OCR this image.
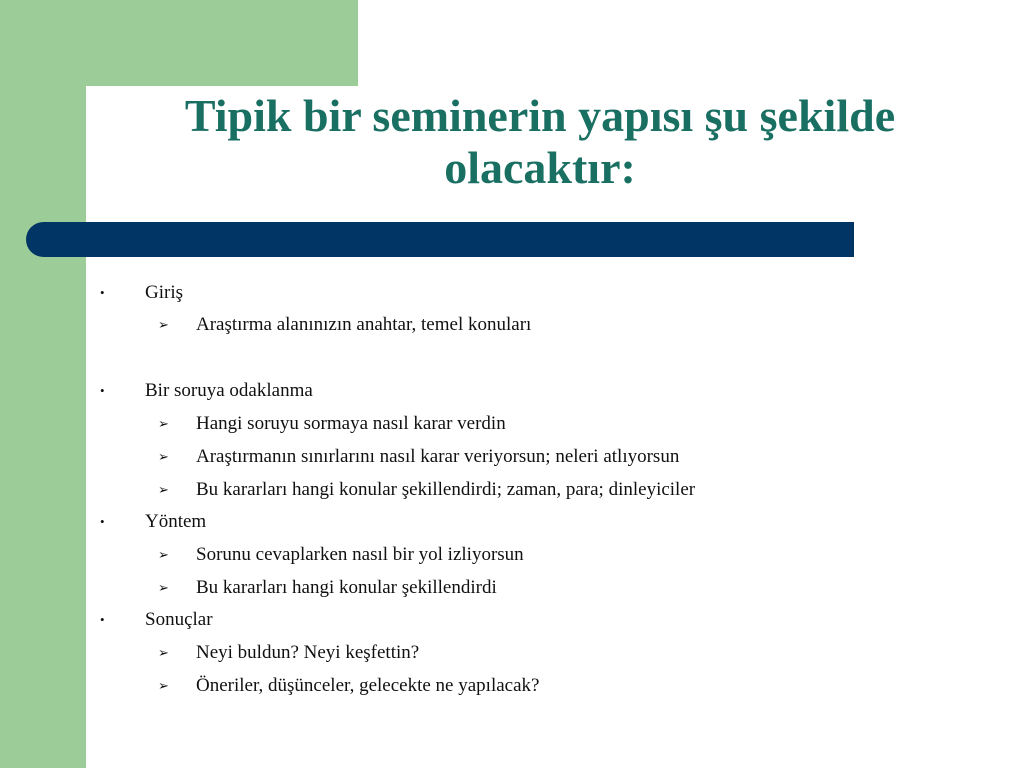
Tipik bir seminerin yapısı şu şekilde
olacaktır:
•	Giriş
➢ Araştırma alanınızın anahtar, temel konuları
•	Bir soruya odaklanma
➢ Hangi soruyu sormaya nasıl karar verdin
➢ Araştırmanın sınırlarını nasıl karar veriyorsun; neleri atlıyorsun
➢ Bu kararları hangi konular şekillendirdi; zaman, para; dinleyiciler
•	Yöntem
➢ Sorunu cevaplarken nasıl bir yol izliyorsun
➢ Bu kararları hangi konular şekillendirdi
•	Sonuçlar
➢ Neyi buldun? Neyi keşfettin?
➢ Öneriler, düşünceler, gelecekte ne yapılacak?
